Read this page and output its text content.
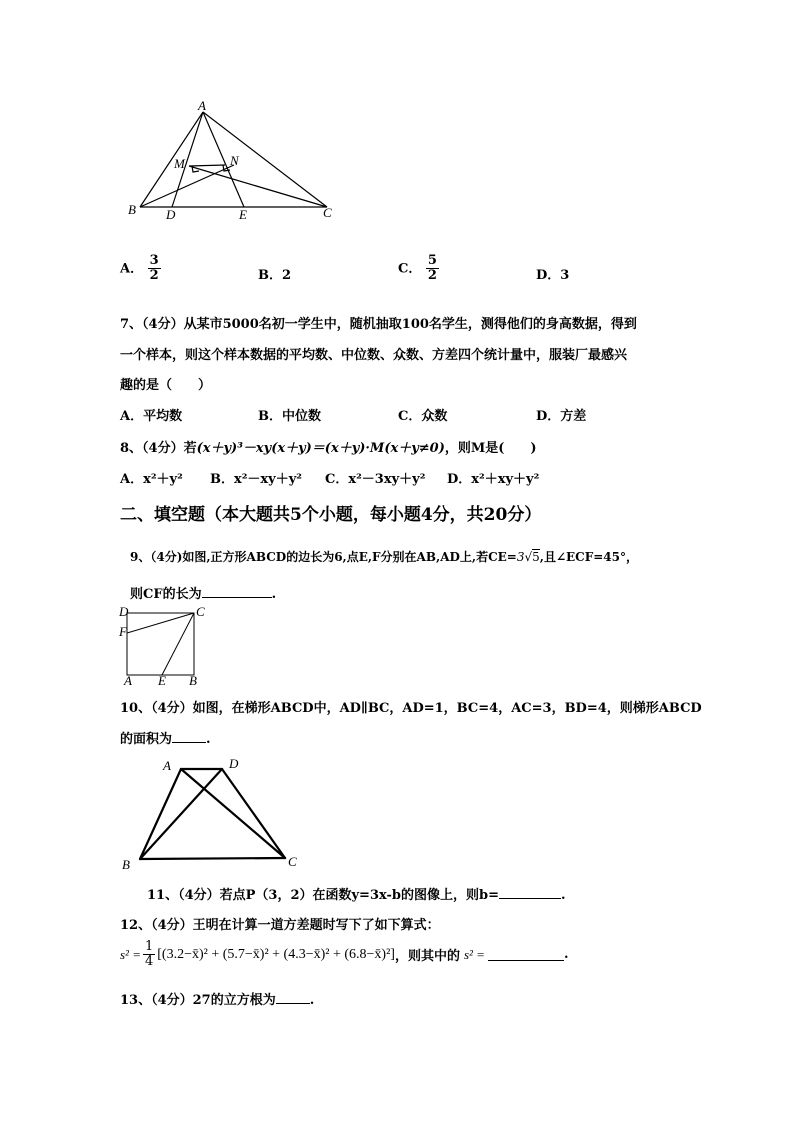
A
B	C
D	E
M	N
A． $\frac{3}{2}$	B．2	C． $\frac{5}{2}$	D．3
7、（4分）从某市5000名初一学生中，随机抽取100名学生，测得他们的身高数据，得到
一个样本，则这个样本数据的平均数、中位数、众数、方差四个统计量中，服装厂最感兴
趣的是（　　）
A．平均数	B．中位数	C．众数	D．方差
8、（4分）若(x＋y)³－xy(x＋y)＝(x＋y)·M(x＋y≠0)，则M是(　　)
A．x²＋y² B．x²－xy＋y² C．x²－3xy＋y² D．x²＋xy＋y²
二、填空题（本大题共5个小题，每小题4分，共20分）
9、（4分)如图,正方形ABCD的边长为6,点E,F分别在AB,AD上,若CE=3√5,且∠ECF=45°，
则CF的长为	.
D	C
F
A E B
10、（4分）如图，在梯形ABCD中，AD∥BC，AD=1，BC=4，AC=3，BD=4，则梯形ABCD
的面积为	.
A	D
B	C
11、（4分）若点P（3，2）在函数y=3x-b的图像上，则b=	.
12、（4分）王明在计算一道方差题时写下了如下算式：
$s^2 = \frac{1}{4}$ [(3.2−x̄)² + (5.7−x̄)² + (4.3−x̄)² + (6.8−x̄)²] ，则其中的 s² =	.
13、（4分）27的立方根为	.
